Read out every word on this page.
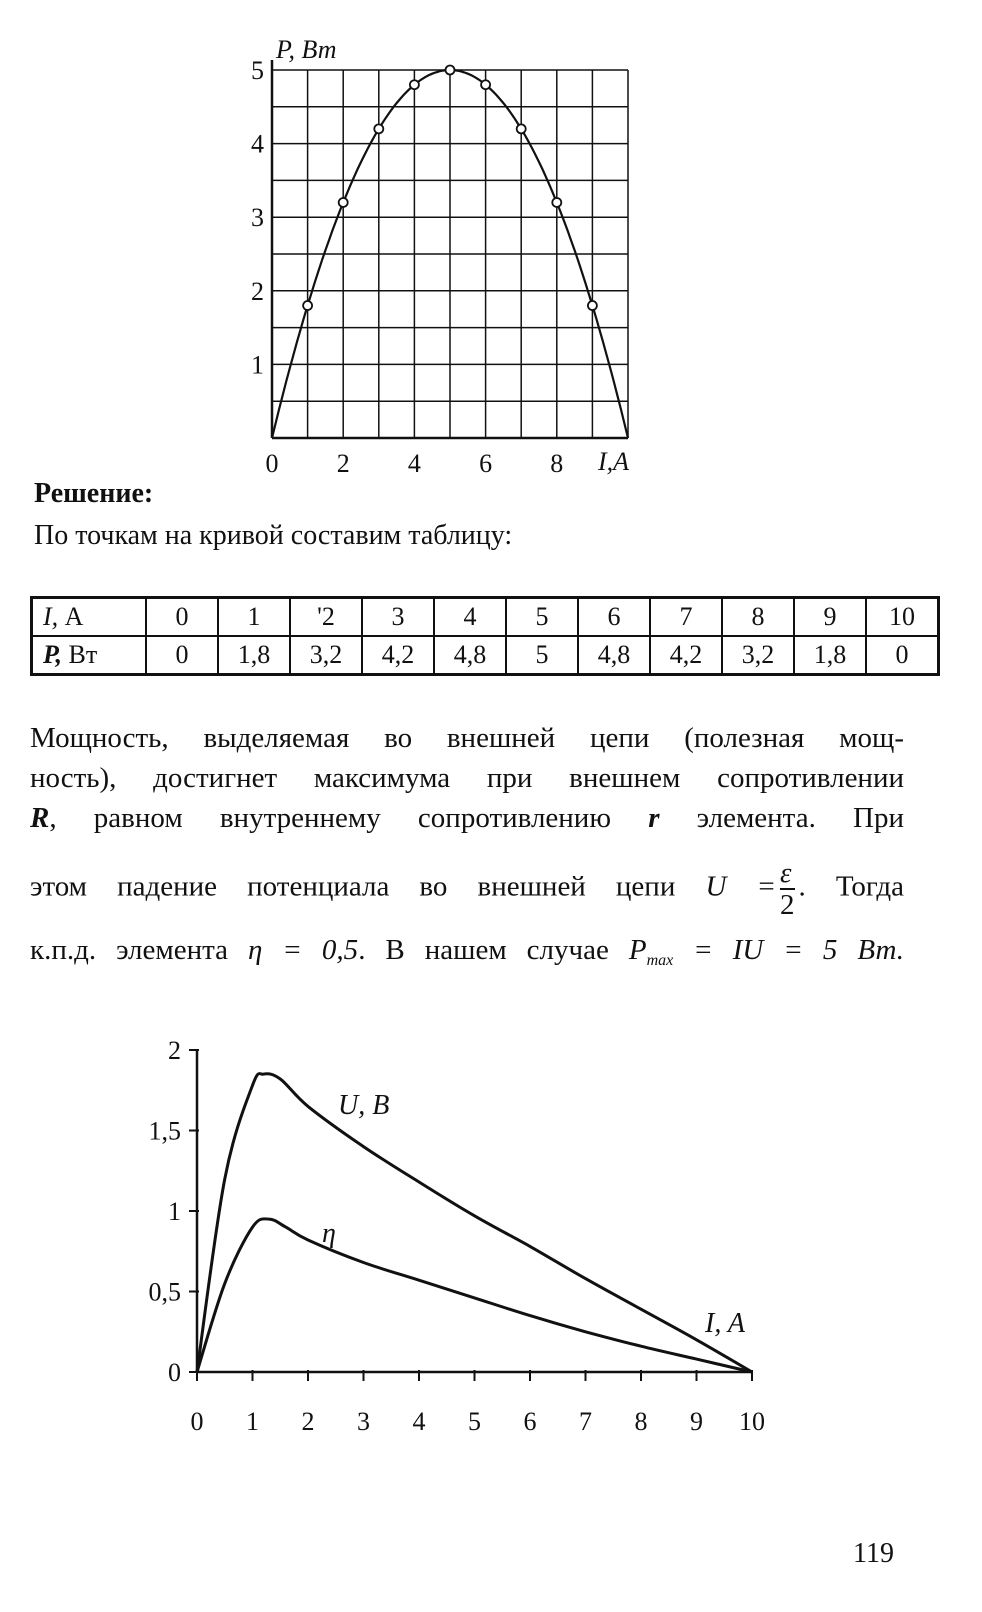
0 2 4 6 8
1
2
3
4
5
P, Вт
I,A

Решение:

По точкам на кривой составим таблицу:

I, А	0	1	'2	3	4	5	6	7	8	9	10
P, Вт	0	1,8	3,2	4,2	4,8	5	4,8	4,2	3,2	1,8	0
Мощность, выделяемая во внешней цепи (полезная мощ-
ность), достигнет максимума при внешнем сопротивлении
R, равном внутреннему сопротивлению r элемента. При
этом падение потенциала во внешней цепи $U = \frac{\varepsilon}{2}$ . Тогда
к.п.д. элемента η = 0,5. В нашем случае $P_{max}$ = IU = 5 Вт.
U, В
η
I, A
0 1 2 3 4 5 6 7 8 9 10
0
0,5
1
1,5
2

119
